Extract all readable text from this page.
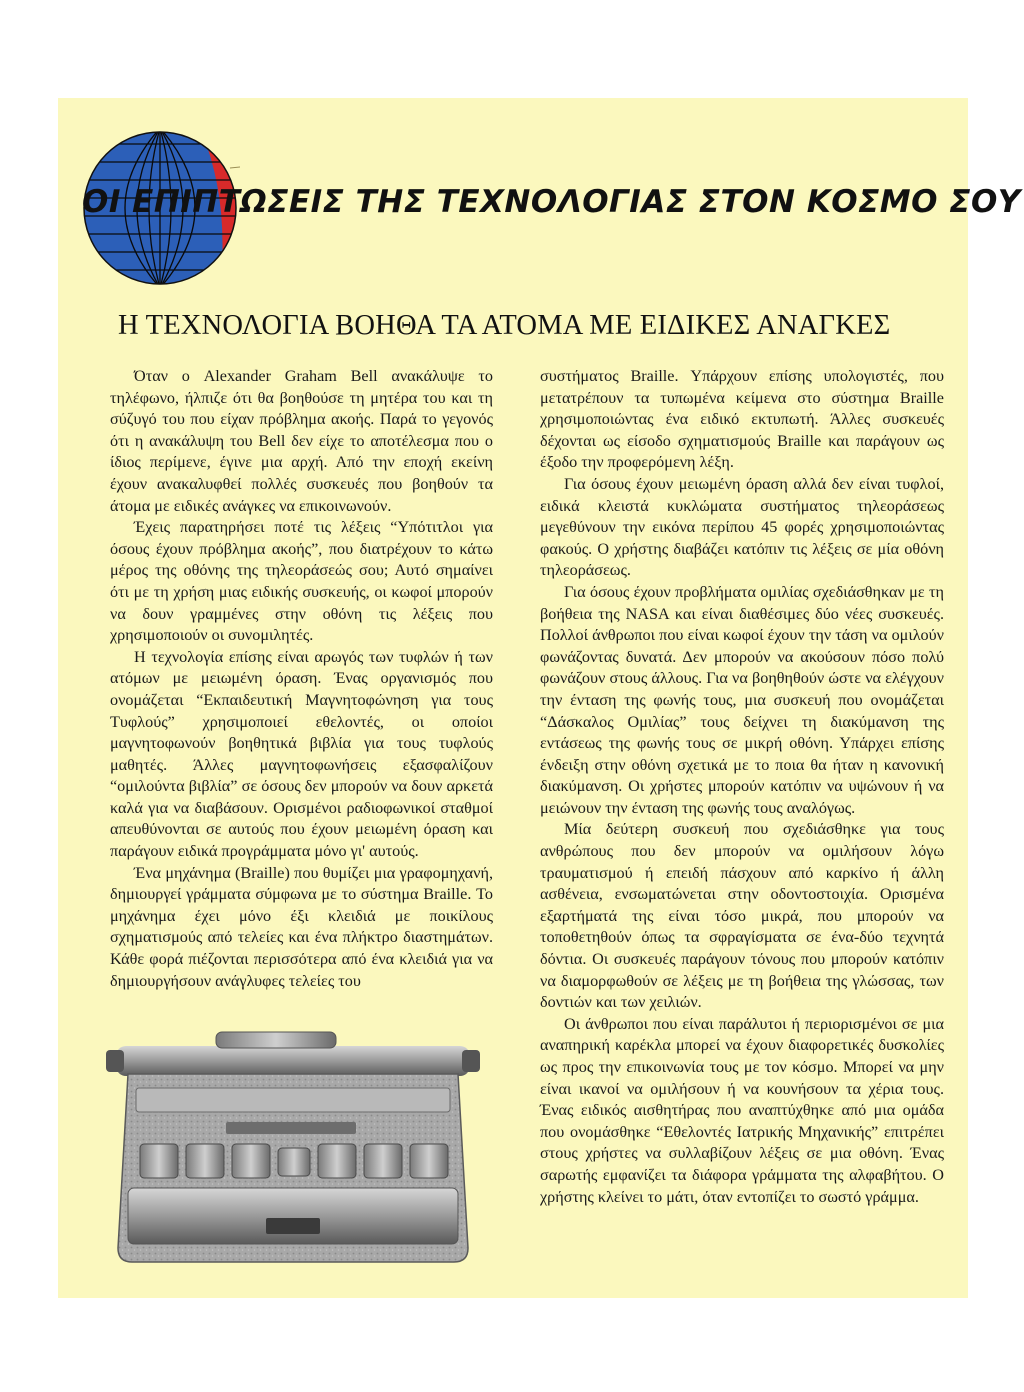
ΟΙ ΕΠΙΠΤΩΣΕΙΣ ΤΗΣ ΤΕΧΝΟΛΟΓΙΑΣ ΣΤΟΝ ΚΟΣΜΟ ΣΟΥ
Η ΤΕΧΝΟΛΟΓΙΑ ΒΟΗΘΑ ΤΑ ΑΤΟΜΑ ΜΕ ΕΙΔΙΚΕΣ ΑΝΑΓΚΕΣ

Όταν ο Alexander Graham Bell ανακάλυψε το τηλέφωνο, ήλπιζε ότι θα βοηθούσε τη μητέρα του και τη σύζυγό του που είχαν πρόβλημα ακοής. Παρά το γεγονός ότι η ανακάλυψη του Bell δεν είχε το αποτέλεσμα που ο ίδιος περίμενε, έγινε μια αρχή. Από την εποχή εκείνη έχουν ανακαλυφθεί πολλές συσκευές που βοηθούν τα άτομα με ειδικές ανάγκες να επικοινωνούν.

Έχεις παρατηρήσει ποτέ τις λέξεις “Υπότιτλοι για όσους έχουν πρόβλημα ακοής”, που διατρέχουν το κάτω μέρος της οθόνης της τηλεοράσεώς σου; Αυτό σημαίνει ότι με τη χρήση μιας ειδικής συσκευής, οι κωφοί μπορούν να δουν γραμμένες στην οθόνη τις λέξεις που χρησιμοποιούν οι συνομιλητές.

Η τεχνολογία επίσης είναι αρωγός των τυφλών ή των ατόμων με μειωμένη όραση. Ένας οργανισμός που ονομάζεται “Εκπαιδευτική Μαγνητοφώνηση για τους Τυφλούς” χρησιμοποιεί εθελοντές, οι οποίοι μαγνητοφωνούν βοηθητικά βιβλία για τους τυφλούς μαθητές. Άλλες μαγνητοφωνήσεις εξασφαλίζουν “ομιλούντα βιβλία” σε όσους δεν μπορούν να δουν αρκετά καλά για να διαβάσουν. Ορισμένοι ραδιοφωνικοί σταθμοί απευθύνονται σε αυτούς που έχουν μειωμένη όραση και παράγουν ειδικά προγράμματα μόνο γι' αυτούς.

Ένα μηχάνημα (Braille) που θυμίζει μια γραφομηχανή, δημιουργεί γράμματα σύμφωνα με το σύστημα Braille. Το μηχάνημα έχει μόνο έξι κλειδιά με ποικίλους σχηματισμούς από τελείες και ένα πλήκτρο διαστημάτων. Κάθε φορά πιέζονται περισσότερα από ένα κλειδιά για να δημιουργήσουν ανάγλυφες τελείες του

συστήματος Braille. Υπάρχουν επίσης υπολογιστές, που μετατρέπουν τα τυπωμένα κείμενα στο σύστημα Braille χρησιμοποιώντας ένα ειδικό εκτυπωτή. Άλλες συσκευές δέχονται ως είσοδο σχηματισμούς Braille και παράγουν ως έξοδο την προφερόμενη λέξη.

Για όσους έχουν μειωμένη όραση αλλά δεν είναι τυφλοί, ειδικά κλειστά κυκλώματα συστήματος τηλεοράσεως μεγεθύνουν την εικόνα περίπου 45 φορές χρησιμοποιώντας φακούς. Ο χρήστης διαβάζει κατόπιν τις λέξεις σε μία οθόνη τηλεοράσεως.

Για όσους έχουν προβλήματα ομιλίας σχεδιάσθηκαν με τη βοήθεια της NASA και είναι διαθέσιμες δύο νέες συσκευές. Πολλοί άνθρωποι που είναι κωφοί έχουν την τάση να ομιλούν φωνάζοντας δυνατά. Δεν μπορούν να ακούσουν πόσο πολύ φωνάζουν στους άλλους. Για να βοηθηθούν ώστε να ελέγχουν την ένταση της φωνής τους, μια συσκευή που ονομάζεται “Δάσκαλος Ομιλίας” τους δείχνει τη διακύμανση της εντάσεως της φωνής τους σε μικρή οθόνη. Υπάρχει επίσης ένδειξη στην οθόνη σχετικά με το ποια θα ήταν η κανονική διακύμανση. Οι χρήστες μπορούν κατόπιν να υψώνουν ή να μειώνουν την ένταση της φωνής τους αναλόγως.

Μία δεύτερη συσκευή που σχεδιάσθηκε για τους ανθρώπους που δεν μπορούν να ομιλήσουν λόγω τραυματισμού ή επειδή πάσχουν από καρκίνο ή άλλη ασθένεια, ενσωματώνεται στην οδοντοστοιχία. Ορισμένα εξαρτήματά της είναι τόσο μικρά, που μπορούν να τοποθετηθούν όπως τα σφραγίσματα σε ένα-δύο τεχνητά δόντια. Οι συσκευές παράγουν τόνους που μπορούν κατόπιν να διαμορφωθούν σε λέξεις με τη βοήθεια της γλώσσας, των δοντιών και των χειλιών.

Οι άνθρωποι που είναι παράλυτοι ή περιορισμένοι σε μια αναπηρική καρέκλα μπορεί να έχουν διαφορετικές δυσκολίες ως προς την επικοινωνία τους με τον κόσμο. Μπορεί να μην είναι ικανοί να ομιλήσουν ή να κουνήσουν τα χέρια τους. Ένας ειδικός αισθητήρας που αναπτύχθηκε από μια ομάδα που ονομάσθηκε “Εθελοντές Ιατρικής Μηχανικής” επιτρέπει στους χρήστες να συλλαβίζουν λέξεις σε μια οθόνη. Ένας σαρωτής εμφανίζει τα διάφορα γράμματα της αλφαβήτου. Ο χρήστης κλείνει το μάτι, όταν εντοπίζει το σωστό γράμμα.
